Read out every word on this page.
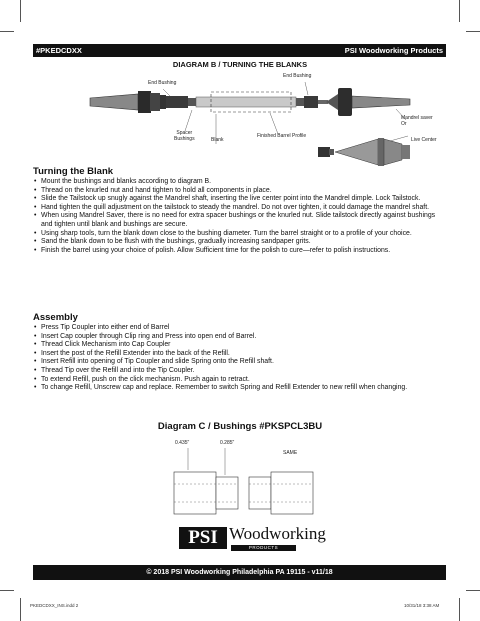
#PKEDCDXX	PSI Woodworking Products
DIAGRAM B / TURNING THE BLANKS
End Bushing
End Bushing
Spacer
Bushings	Blank
Finished Barrel Profile
Mandrel saver
Or
Live Center
Turning the Blank
• Mount the bushings and blanks according to diagram B.
• Thread on the knurled nut and hand tighten to hold all components in place.
• Slide the Tailstock up snugly against the Mandrel shaft, inserting the live center point into the Mandrel dimple. Lock Tailstock.
• Hand tighten the quill adjustment on the tailstock to steady the mandrel. Do not over tighten, it could damage the mandrel shaft.
• When using Mandrel Saver, there is no need for extra spacer bushings or the knurled nut. Slide tailstock directly against bushings and tighten until blank and bushings are secure.
• Using sharp tools, turn the blank down close to the bushing diameter. Turn the barrel straight or to a profile of your choice.
• Sand the blank down to be flush with the bushings, gradually increasing sandpaper grits.
• Finish the barrel using your choice of polish. Allow Sufficient time for the polish to cure—refer to polish instructions.
Assembly
• Press Tip Coupler into either end of Barrel
• Insert Cap coupler through Clip ring and Press into open end of Barrel.
• Thread Click Mechanism into Cap Coupler
• Insert the post of the Refill Extender into the back of the Refill.
• Insert Refill into opening of Tip Coupler and slide Spring onto the Refill shaft.
• Thread Tip over the Refill and into the Tip Coupler.
• To extend Refill, push on the click mechanism. Push again to retract.
• To change Refill, Unscrew cap and replace. Remember to switch Spring and Refill Extender to new refill when changing.
Diagram C / Bushings #PKSPCL3BU
0.435"	0.285"
SAME
PSI Woodworking
PRODUCTS
© 2018 PSI Woodworking Philadelphia PA 19115 - v11/18
PKEDCDXX_INS.indd 2	10/31/18 3:38 AM
